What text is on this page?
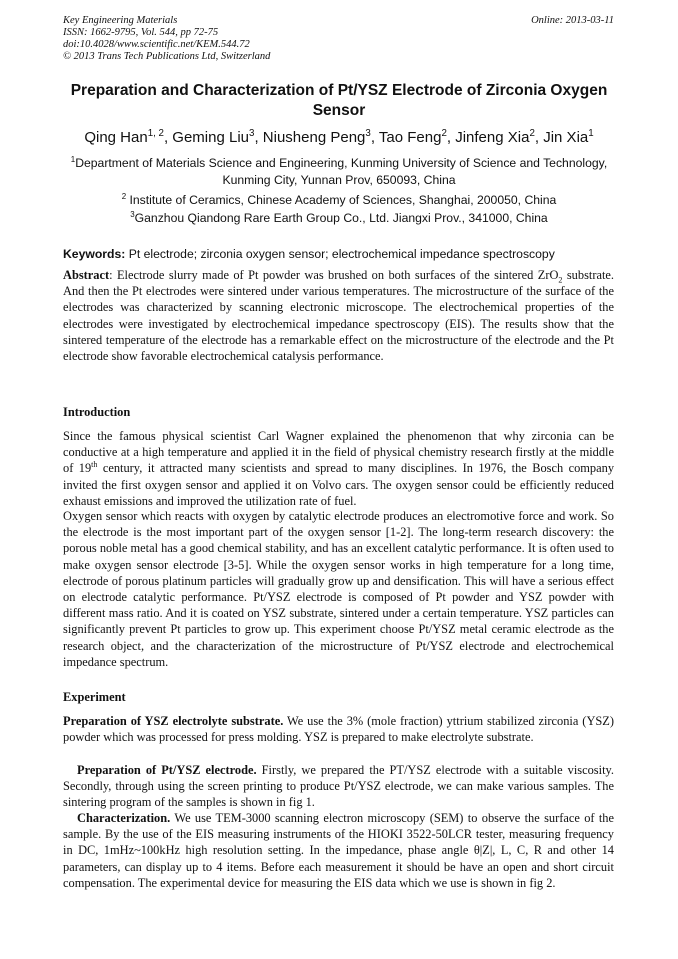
Key Engineering Materials
ISSN: 1662-9795, Vol. 544, pp 72-75
doi:10.4028/www.scientific.net/KEM.544.72
© 2013 Trans Tech Publications Ltd, Switzerland
Online: 2013-03-11
Preparation and Characterization of Pt/YSZ Electrode of Zirconia Oxygen Sensor
Qing Han$^{1, 2}$, Geming Liu$^3$, Niusheng Peng$^3$, Tao Feng$^2$, Jinfeng Xia$^2$, Jin Xia$^1$
$^1$Department of Materials Science and Engineering, Kunming University of Science and Technology, Kunming City, Yunnan Prov, 650093, China
$^2$ Institute of Ceramics, Chinese Academy of Sciences, Shanghai, 200050, China
$^3$Ganzhou Qiandong Rare Earth Group Co., Ltd. Jiangxi Prov., 341000, China
Keywords: Pt electrode; zirconia oxygen sensor; electrochemical impedance spectroscopy
Abstract: Electrode slurry made of Pt powder was brushed on both surfaces of the sintered ZrO$_2$ substrate. And then the Pt electrodes were sintered under various temperatures. The microstructure of the surface of the electrodes was characterized by scanning electronic microscope. The electrochemical properties of the electrodes were investigated by electrochemical impedance spectroscopy (EIS). The results show that the sintered temperature of the electrode has a remarkable effect on the microstructure of the electrode and the Pt electrode show favorable electrochemical catalysis performance.
Introduction
Since the famous physical scientist Carl Wagner explained the phenomenon that why zirconia can be conductive at a high temperature and applied it in the field of physical chemistry research firstly at the middle of 19th century, it attracted many scientists and spread to many disciplines. In 1976, the Bosch company invited the first oxygen sensor and applied it on Volvo cars. The oxygen sensor could be efficiently reduced exhaust emissions and improved the utilization rate of fuel.
Oxygen sensor which reacts with oxygen by catalytic electrode produces an electromotive force and work. So the electrode is the most important part of the oxygen sensor [1-2]. The long-term research discovery: the porous noble metal has a good chemical stability, and has an excellent catalytic performance. It is often used to make oxygen sensor electrode [3-5]. While the oxygen sensor works in high temperature for a long time, electrode of porous platinum particles will gradually grow up and densification. This will have a serious effect on electrode catalytic performance. Pt/YSZ electrode is composed of Pt powder and YSZ powder with different mass ratio. And it is coated on YSZ substrate, sintered under a certain temperature. YSZ particles can significantly prevent Pt particles to grow up. This experiment choose Pt/YSZ metal ceramic electrode as the research object, and the characterization of the microstructure of Pt/YSZ electrode and electrochemical impedance spectrum.
Experiment
Preparation of YSZ electrolyte substrate. We use the 3% (mole fraction) yttrium stabilized zirconia (YSZ) powder which was processed for press molding. YSZ is prepared to make electrolyte substrate.
Preparation of Pt/YSZ electrode. Firstly, we prepared the PT/YSZ electrode with a suitable viscosity. Secondly, through using the screen printing to produce Pt/YSZ electrode, we can make various samples. The sintering program of the samples is shown in fig 1.
Characterization. We use TEM-3000 scanning electron microscopy (SEM) to observe the surface of the sample. By the use of the EIS measuring instruments of the HIOKI 3522-50LCR tester, measuring frequency in DC, 1mHz~100kHz high resolution setting. In the impedance, phase angle θ|Z|, L, C, R and other 14 parameters, can display up to 4 items. Before each measurement it should be have an open and short circuit compensation. The experimental device for measuring the EIS data which we use is shown in fig 2.
